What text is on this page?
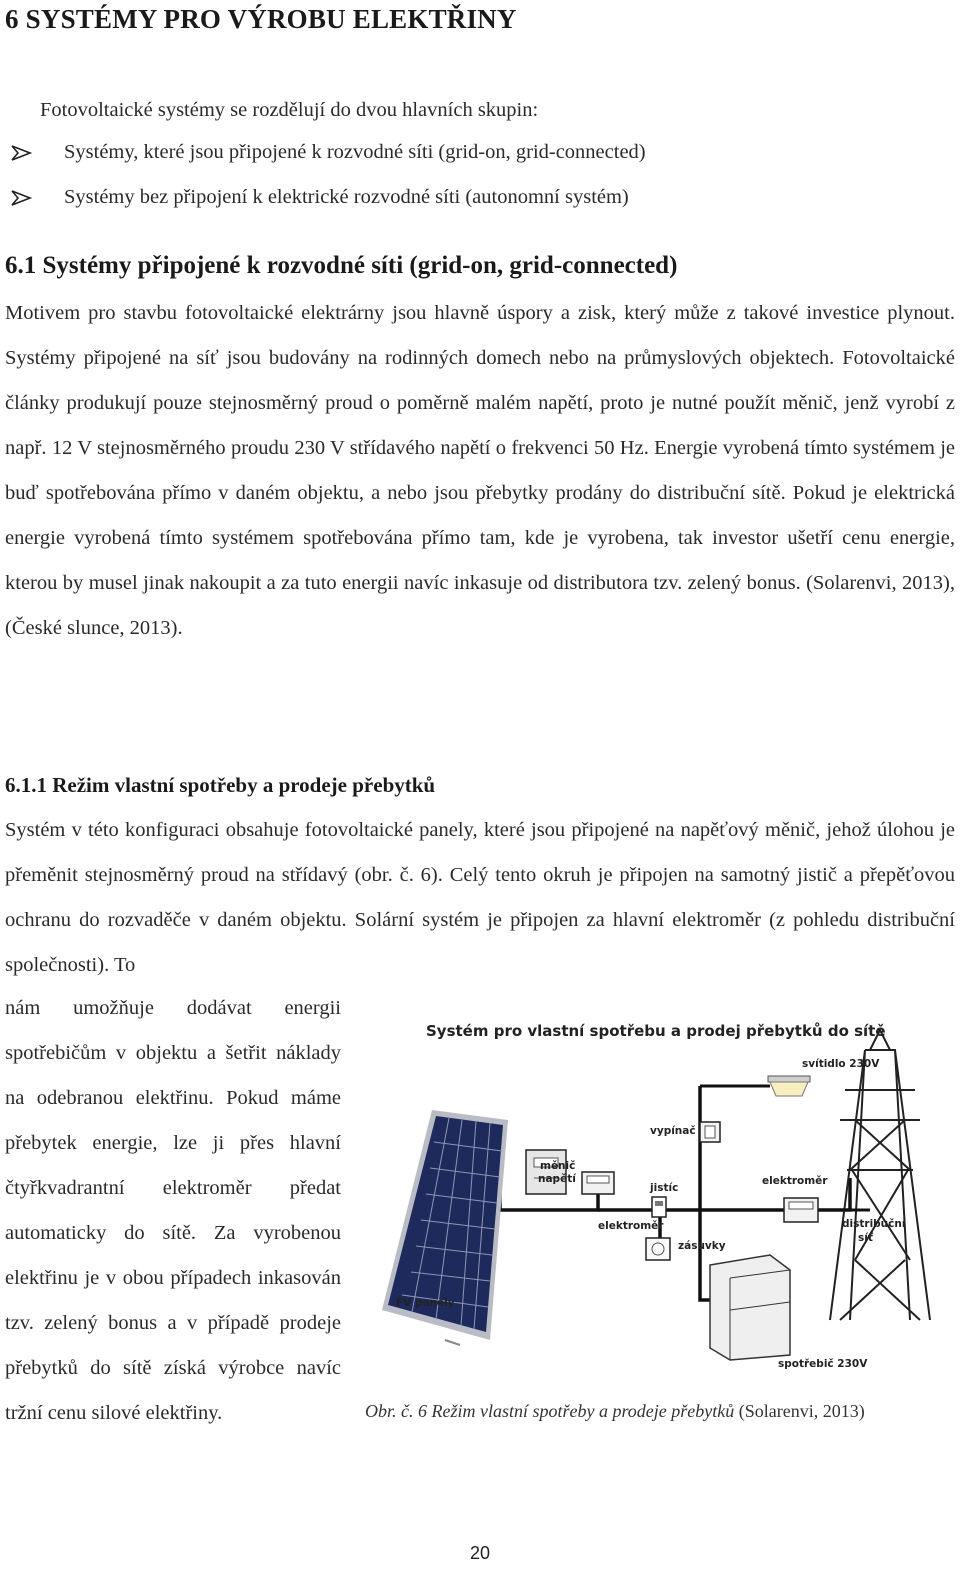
6 SYSTÉMY PRO VÝROBU ELEKTŘINY
Fotovoltaické systémy se rozdělují do dvou hlavních skupin:
Systémy, které jsou připojené k rozvodné síti (grid-on, grid-connected)
Systémy bez připojení k elektrické rozvodné síti (autonomní systém)
6.1 Systémy připojené k rozvodné síti (grid-on, grid-connected)

Motivem pro stavbu fotovoltaické elektrárny jsou hlavně úspory a zisk, který může z takové investice plynout. Systémy připojené na síť jsou budovány na rodinných domech nebo na průmyslových objektech. Fotovoltaické články produkují pouze stejnosměrný proud o poměrně malém napětí, proto je nutné použít měnič, jenž vyrobí z např. 12 V stejnosměrného proudu 230 V střídavého napětí o frekvenci 50 Hz. Energie vyrobená tímto systémem je buď spotřebována přímo v daném objektu, a nebo jsou přebytky prodány do distribuční sítě. Pokud je elektrická energie vyrobená tímto systémem spotřebována přímo tam, kde je vyrobena, tak investor ušetří cenu energie, kterou by musel jinak nakoupit a za tuto energii navíc inkasuje od distributora tzv. zelený bonus. (Solarenvi, 2013), (České slunce, 2013).

6.1.1 Režim vlastní spotřeby a prodeje přebytků

Systém v této konfiguraci obsahuje fotovoltaické panely, které jsou připojené na napěťový měnič, jehož úlohou je přeměnit stejnosměrný proud na střídavý (obr. č. 6). Celý tento okruh je připojen na samotný jistič a přepěťovou ochranu do rozvaděče v daném objektu. Solární systém je připojen za hlavní elektroměr (z pohledu distribuční společnosti). To

nám umožňuje dodávat energii spotřebičům v objektu a šetřit náklady na odebranou elektřinu. Pokud máme přebytek energie, lze ji přes hlavní čtyřkvadrantní elektroměr předat automaticky do sítě. Za vyrobenou elektřinu je v obou případech inkasován tzv. zelený bonus a v případě prodeje přebytků do sítě získá výrobce navíc tržní cenu silové elektřiny.

Systém pro vlastní spotřebu a prodej přebytků do sítě
svítidlo 230V
vypínač
měnič
napětí
jistíc
elektroměr
elektroměr
zásuvky
distribuční
síť
FV panely
spotřebič 230V
Obr. č. 6 Režim vlastní spotřeby a prodeje přebytků (Solarenvi, 2013)
20
